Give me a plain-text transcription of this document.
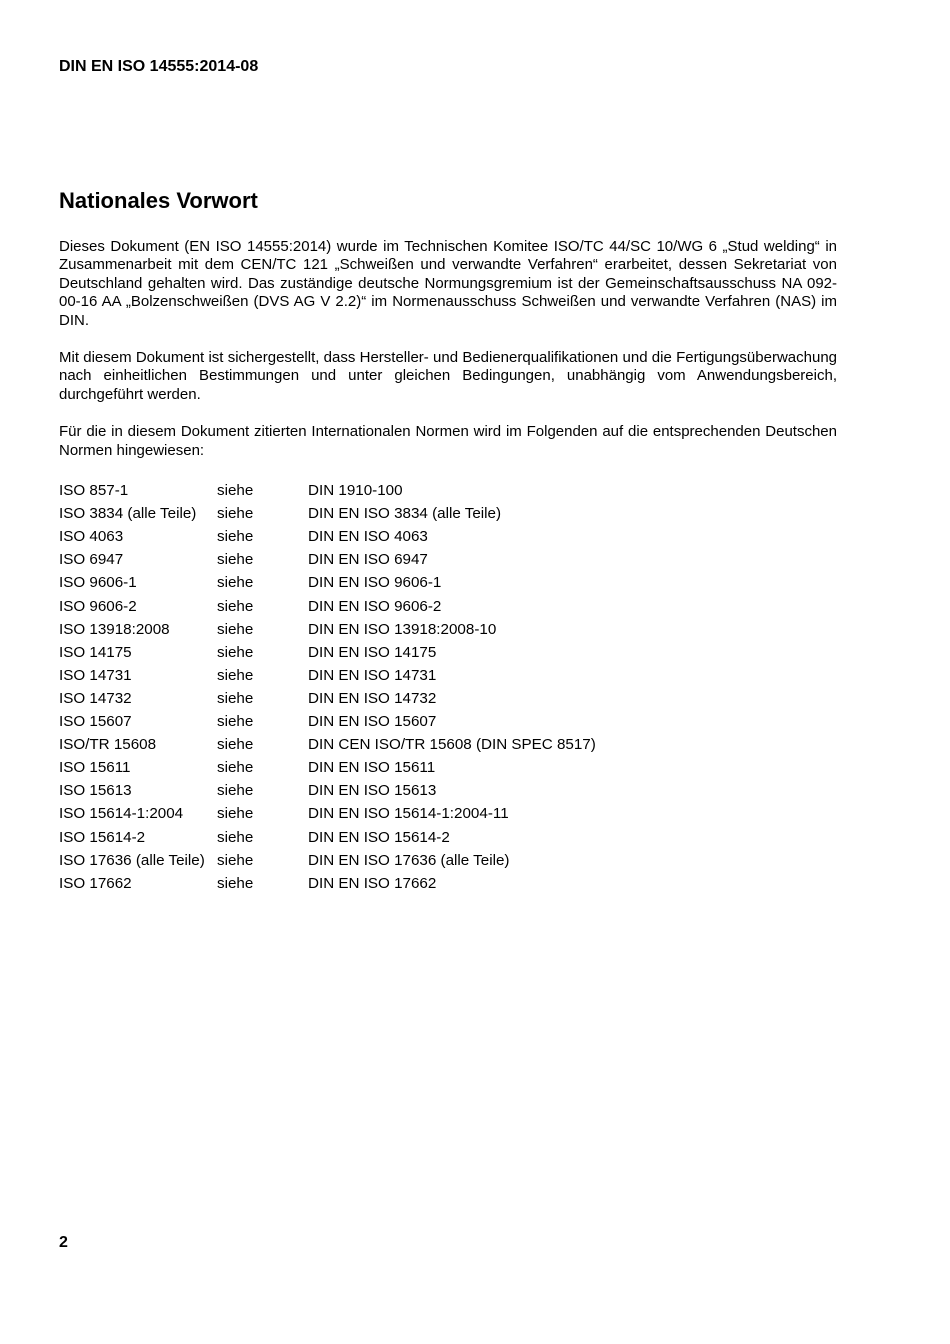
DIN EN ISO 14555:2014-08

Nationales Vorwort

Dieses Dokument (EN ISO 14555:2014) wurde im Technischen Komitee ISO/TC 44/SC 10/WG 6 „Stud welding“ in Zusammenarbeit mit dem CEN/TC 121 „Schweißen und verwandte Verfahren“ erarbeitet, dessen Sekretariat von Deutschland gehalten wird. Das zuständige deutsche Normungsgremium ist der Gemeinschaftsausschuss NA 092-00-16 AA „Bolzenschweißen (DVS AG V 2.2)“ im Normenausschuss Schweißen und verwandte Verfahren (NAS) im DIN.

Mit diesem Dokument ist sichergestellt, dass Hersteller- und Bedienerqualifikationen und die Fertigungsüberwachung nach einheitlichen Bestimmungen und unter gleichen Bedingungen, unabhängig vom Anwendungsbereich, durchgeführt werden.

Für die in diesem Dokument zitierten Internationalen Normen wird im Folgenden auf die entsprechenden Deutschen Normen hingewiesen:

ISO 857-1	siehe	DIN 1910-100
ISO 3834 (alle Teile)	siehe	DIN EN ISO 3834 (alle Teile)
ISO 4063	siehe	DIN EN ISO 4063
ISO 6947	siehe	DIN EN ISO 6947
ISO 9606-1	siehe	DIN EN ISO 9606-1
ISO 9606-2	siehe	DIN EN ISO 9606-2
ISO 13918:2008	siehe	DIN EN ISO 13918:2008-10
ISO 14175	siehe	DIN EN ISO 14175
ISO 14731	siehe	DIN EN ISO 14731
ISO 14732	siehe	DIN EN ISO 14732
ISO 15607	siehe	DIN EN ISO 15607
ISO/TR 15608	siehe	DIN CEN ISO/TR 15608 (DIN SPEC 8517)
ISO 15611	siehe	DIN EN ISO 15611
ISO 15613	siehe	DIN EN ISO 15613
ISO 15614-1:2004	siehe	DIN EN ISO 15614-1:2004-11
ISO 15614-2	siehe	DIN EN ISO 15614-2
ISO 17636 (alle Teile)	siehe	DIN EN ISO 17636 (alle Teile)
ISO 17662	siehe	DIN EN ISO 17662

2
